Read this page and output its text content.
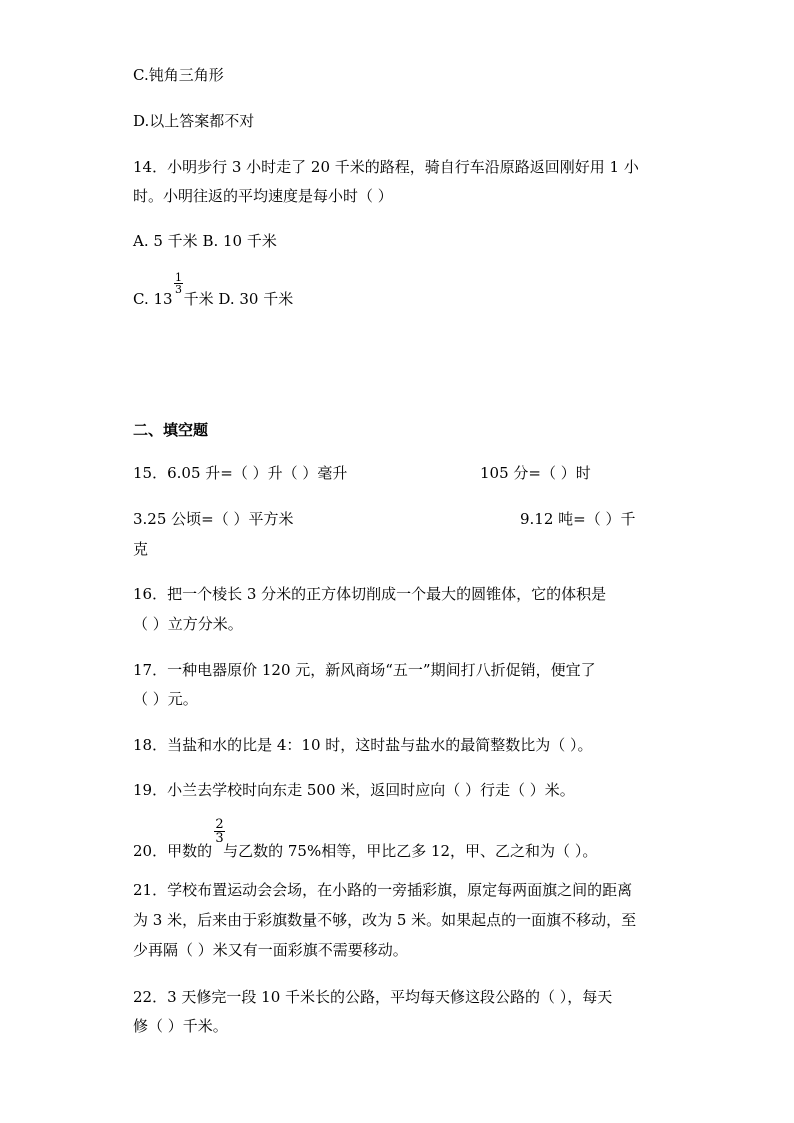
C.钝角三角形
D.以上答案都不对
14．小明步行 3 小时走了 20 千米的路程，骑自行车沿原路返回刚好用 1 小
时。小明往返的平均速度是每小时（ ）
A. 5 千米 B. 10 千米
C. 13 千米 D. 30 千米
1
3
二、填空题
15．6.05 升=（ ）升（ ）毫升	105 分=（ ）时
3.25 公顷=（ ）平方米	9.12 吨=（ ）千
克
16．把一个棱长 3 分米的正方体切削成一个最大的圆锥体，它的体积是
（ ）立方分米。
17．一种电器原价 120 元，新风商场“五一”期间打八折促销，便宜了
（ ）元。
18．当盐和水的比是 4：10 时，这时盐与盐水的最简整数比为（ ）。
19．小兰去学校时向东走 500 米，返回时应向（ ）行走（ ）米。
20．甲数的 与乙数的 75%相等，甲比乙多 12，甲、乙之和为（ ）。
2
3
21．学校布置运动会会场，在小路的一旁插彩旗，原定每两面旗之间的距离
为 3 米，后来由于彩旗数量不够，改为 5 米。如果起点的一面旗不移动，至
少再隔（ ）米又有一面彩旗不需要移动。
22．3 天修完一段 10 千米长的公路，平均每天修这段公路的（ ），每天
修（ ）千米。
